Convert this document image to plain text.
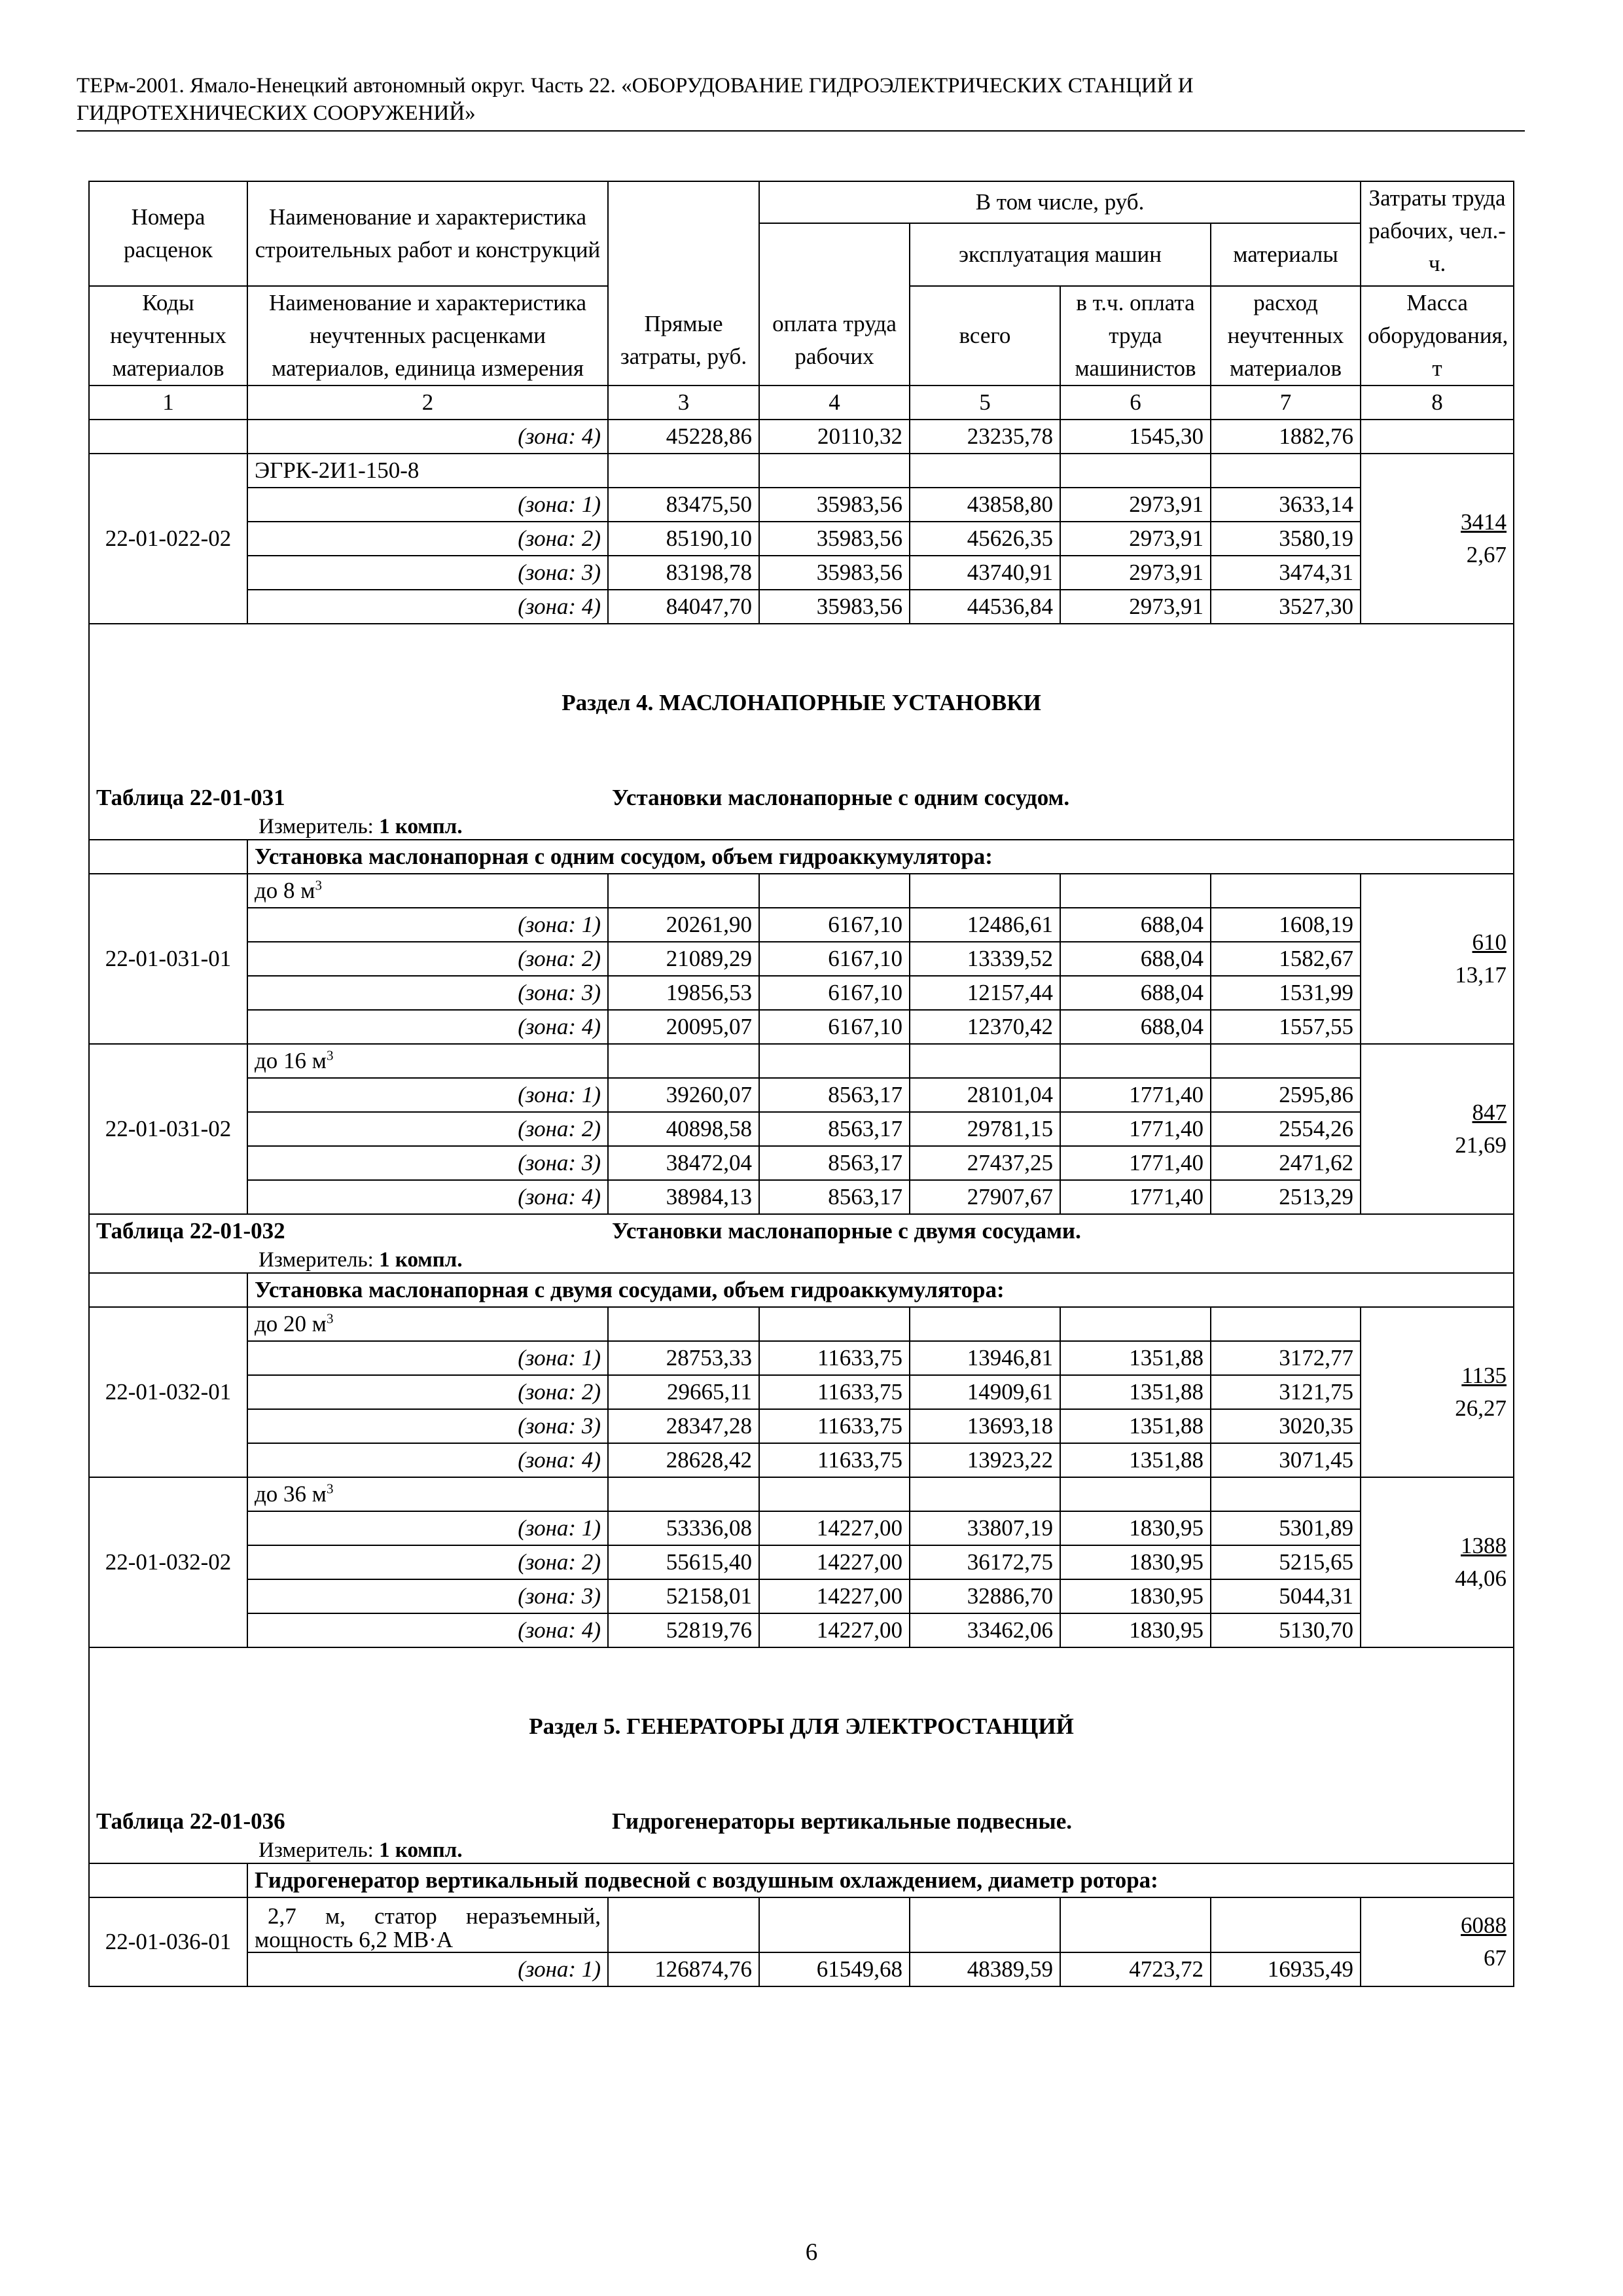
ТЕРм-2001. Ямало-Ненецкий автономный округ. Часть 22. «ОБОРУДОВАНИЕ ГИДРОЭЛЕКТРИЧЕСКИХ СТАНЦИЙ И
ГИДРОТЕХНИЧЕСКИХ СООРУЖЕНИЙ»
Номера расценок	Наименование и характеристика строительных работ и конструкций	Прямые затраты, руб.	В том числе, руб.				Затраты труда рабочих, чел.-ч.
			оплата труда рабочих	эксплуатация машин		материалы	
Коды неучтенных материалов	Наименование и характеристика неучтенных расценками материалов, единица измерения			всего	в т.ч. оплата труда машинистов	расход неучтенных материалов	Масса оборудования, т
1	2	3	4	5	6	7	8
	(зона: 4)	45228,86	20110,32	23235,78	1545,30	1882,76	
22-01-022-02	ЭГРК-2И1-150-8						3414
2,67
	(зона: 1)	83475,50	35983,56	43858,80	2973,91	3633,14	
	(зона: 2)	85190,10	35983,56	45626,35	2973,91	3580,19	
	(зона: 3)	83198,78	35983,56	43740,91	2973,91	3474,31	
	(зона: 4)	84047,70	35983,56	44536,84	2973,91	3527,30	
Раздел 4. МАСЛОНАПОРНЫЕ УСТАНОВКИ							
Таблица 22-01-031 Установки маслонапорные с одним сосудом.
Измеритель: 1 компл.							

	Установка маслонапорная с одним сосудом, объем гидроаккумулятора:						
22-01-031-01	до 8 $м^3$						610
13,17
	(зона: 1)	20261,90	6167,10	12486,61	688,04	1608,19	
	(зона: 2)	21089,29	6167,10	13339,52	688,04	1582,67	
	(зона: 3)	19856,53	6167,10	12157,44	688,04	1531,99	
	(зона: 4)	20095,07	6167,10	12370,42	688,04	1557,55	
22-01-031-02	до 16 $м^3$						847
21,69
	(зона: 1)	39260,07	8563,17	28101,04	1771,40	2595,86	
	(зона: 2)	40898,58	8563,17	29781,15	1771,40	2554,26	
	(зона: 3)	38472,04	8563,17	27437,25	1771,40	2471,62	
	(зона: 4)	38984,13	8563,17	27907,67	1771,40	2513,29	
Таблица 22-01-032 Установки маслонапорные с двумя сосудами.
Измеритель: 1 компл.							

	Установка маслонапорная с двумя сосудами, объем гидроаккумулятора:						
22-01-032-01	до 20 $м^3$						1135
26,27
	(зона: 1)	28753,33	11633,75	13946,81	1351,88	3172,77	
	(зона: 2)	29665,11	11633,75	14909,61	1351,88	3121,75	
	(зона: 3)	28347,28	11633,75	13693,18	1351,88	3020,35	
	(зона: 4)	28628,42	11633,75	13923,22	1351,88	3071,45	
22-01-032-02	до 36 $м^3$						1388
44,06
	(зона: 1)	53336,08	14227,00	33807,19	1830,95	5301,89	
	(зона: 2)	55615,40	14227,00	36172,75	1830,95	5215,65	
	(зона: 3)	52158,01	14227,00	32886,70	1830,95	5044,31	
	(зона: 4)	52819,76	14227,00	33462,06	1830,95	5130,70	
Раздел 5. ГЕНЕРАТОРЫ ДЛЯ ЭЛЕКТРОСТАНЦИЙ							
Таблица 22-01-036 Гидрогенераторы вертикальные подвесные.
Измеритель: 1 компл.							

	Гидрогенератор вертикальный подвесной с воздушным охлаждением, диаметр ротора:						
22-01-036-01	2,7 м, статор неразъемный,
мощность 6,2 МВ·А						6088
67
	(зона: 1)	126874,76	61549,68	48389,59	4723,72	16935,49	
6
